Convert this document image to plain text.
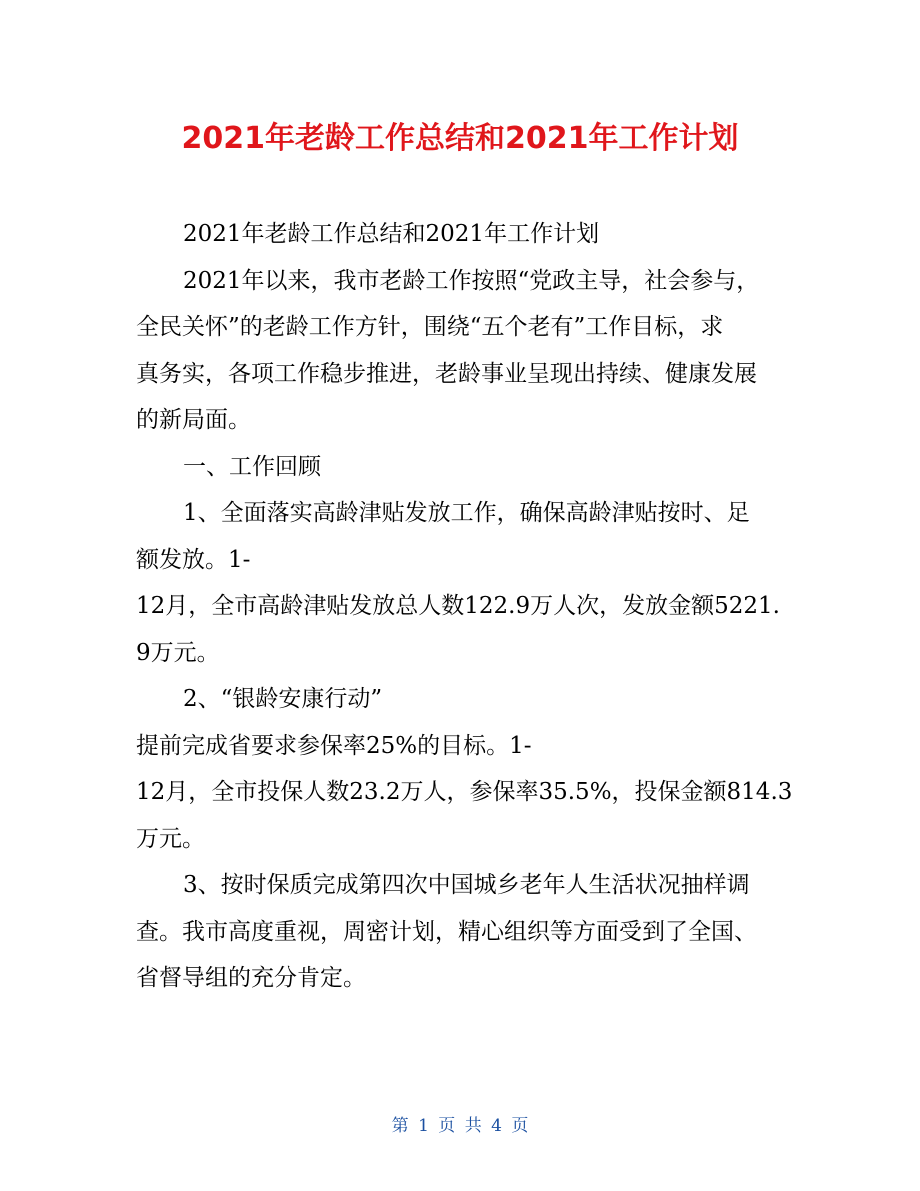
2021年老龄工作总结和2021年工作计划
2021年老龄工作总结和2021年工作计划
2021年以来，我市老龄工作按照“党政主导，社会参与，
全民关怀”的老龄工作方针，围绕“五个老有”工作目标，求
真务实，各项工作稳步推进，老龄事业呈现出持续、健康发展
的新局面。
一、工作回顾
1、全面落实高龄津贴发放工作，确保高龄津贴按时、足
额发放。1-
12月，全市高龄津贴发放总人数122.9万人次，发放金额5221.
9万元。
2、“银龄安康行动”
提前完成省要求参保率25%的目标。1-
12月，全市投保人数23.2万人，参保率35.5%，投保金额814.3
万元。
3、按时保质完成第四次中国城乡老年人生活状况抽样调
查。我市高度重视，周密计划，精心组织等方面受到了全国、
省督导组的充分肯定。
第 1 页 共 4 页
